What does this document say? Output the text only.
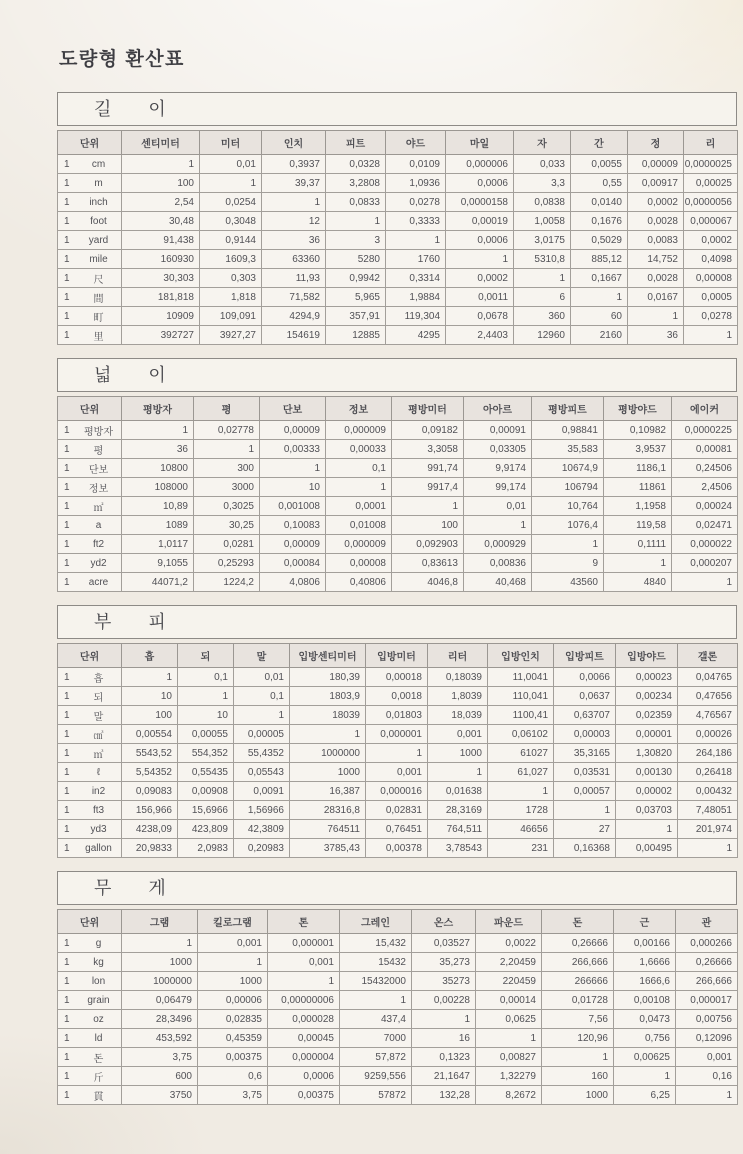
도량형 환산표
길 이
단위	센티미터	미터	인치	피트	야드	마일	자	간	정	리

1 cm	1	0,01	0,3937	0,0328	0,0109	0,000006	0,033	0,0055	0,00009	0,0000025

1 m	100	1	39,37	3,2808	1,0936	0,0006	3,3	0,55	0,00917	0,00025

1 inch	2,54	0,0254	1	0,0833	0,0278	0,0000158	0,0838	0,0140	0,0002	0,0000056

1 foot	30,48	0,3048	12	1	0,3333	0,00019	1,0058	0,1676	0,0028	0,000067

1 yard	91,438	0,9144	36	3	1	0,0006	3,0175	0,5029	0,0083	0,0002

1 mile	160930	1609,3	63360	5280	1760	1	5310,8	885,12	14,752	0,4098

1 尺	30,303	0,303	11,93	0,9942	0,3314	0,0002	1	0,1667	0,0028	0,00008

1 間	181,818	1,818	71,582	5,965	1,9884	0,0011	6	1	0,0167	0,0005

1 町	10909	109,091	4294,9	357,91	119,304	0,0678	360	60	1	0,0278

1 里	392727	3927,27	154619	12885	4295	2,4403	12960	2160	36	1
넓 이
단위	평방자	평	단보	정보	평방미터	아아르	평방피트	평방야드	에이커

1 평방자	1	0,02778	0,00009	0,000009	0,09182	0,00091	0,98841	0,10982	0,0000225

1 평	36	1	0,00333	0,00033	3,3058	0,03305	35,583	3,9537	0,00081

1 단보	10800	300	1	0,1	991,74	9,9174	10674,9	1186,1	0,24506

1 정보	108000	3000	10	1	9917,4	99,174	106794	11861	2,4506

1 ㎡	10,89	0,3025	0,001008	0,0001	1	0,01	10,764	1,1958	0,00024

1 a	1089	30,25	0,10083	0,01008	100	1	1076,4	119,58	0,02471

1 ft2	1,0117	0,0281	0,00009	0,000009	0,092903	0,000929	1	0,1111	0,000022

1 yd2	9,1055	0,25293	0,00084	0,00008	0,83613	0,00836	9	1	0,000207

1 acre	44071,2	1224,2	4,0806	0,40806	4046,8	40,468	43560	4840	1
부 피
단위	흡	되	말	입방센티미터	입방미터	리터	입방인치	입방피트	입방야드	갤론

1 흡	1	0,1	0,01	180,39	0,00018	0,18039	11,0041	0,0066	0,00023	0,04765

1 되	10	1	0,1	1803,9	0,0018	1,8039	110,041	0,0637	0,00234	0,47656

1 말	100	10	1	18039	0,01803	18,039	1100,41	0,63707	0,02359	4,76567

1 ㎤	0,00554	0,00055	0,00005	1	0,000001	0,001	0,06102	0,00003	0,00001	0,00026

1 ㎥	5543,52	554,352	55,4352	1000000	1	1000	61027	35,3165	1,30820	264,186

1 ℓ	5,54352	0,55435	0,05543	1000	0,001	1	61,027	0,03531	0,00130	0,26418

1 in2	0,09083	0,00908	0,0091	16,387	0,000016	0,01638	1	0,00057	0,00002	0,00432

1 ft3	156,966	15,6966	1,56966	28316,8	0,02831	28,3169	1728	1	0,03703	7,48051

1 yd3	4238,09	423,809	42,3809	764511	0,76451	764,511	46656	27	1	201,974

1 gallon	20,9833	2,0983	0,20983	3785,43	0,00378	3,78543	231	0,16368	0,00495	1
무 게
단위	그램	킬로그램	톤	그레인	온스	파운드	돈	근	관

1 g	1	0,001	0,000001	15,432	0,03527	0,0022	0,26666	0,00166	0,000266

1 kg	1000	1	0,001	15432	35,273	2,20459	266,666	1,6666	0,26666

1 lon	1000000	1000	1	15432000	35273	220459	266666	1666,6	266,666

1 grain	0,06479	0,00006	0,00000006	1	0,00228	0,00014	0,01728	0,00108	0,000017

1 oz	28,3496	0,02835	0,000028	437,4	1	0,0625	7,56	0,0473	0,00756

1 ld	453,592	0,45359	0,00045	7000	16	1	120,96	0,756	0,12096

1 돈	3,75	0,00375	0,000004	57,872	0,1323	0,00827	1	0,00625	0,001

1 斤	600	0,6	0,0006	9259,556	21,1647	1,32279	160	1	0,16

1 貫	3750	3,75	0,00375	57872	132,28	8,2672	1000	6,25	1
